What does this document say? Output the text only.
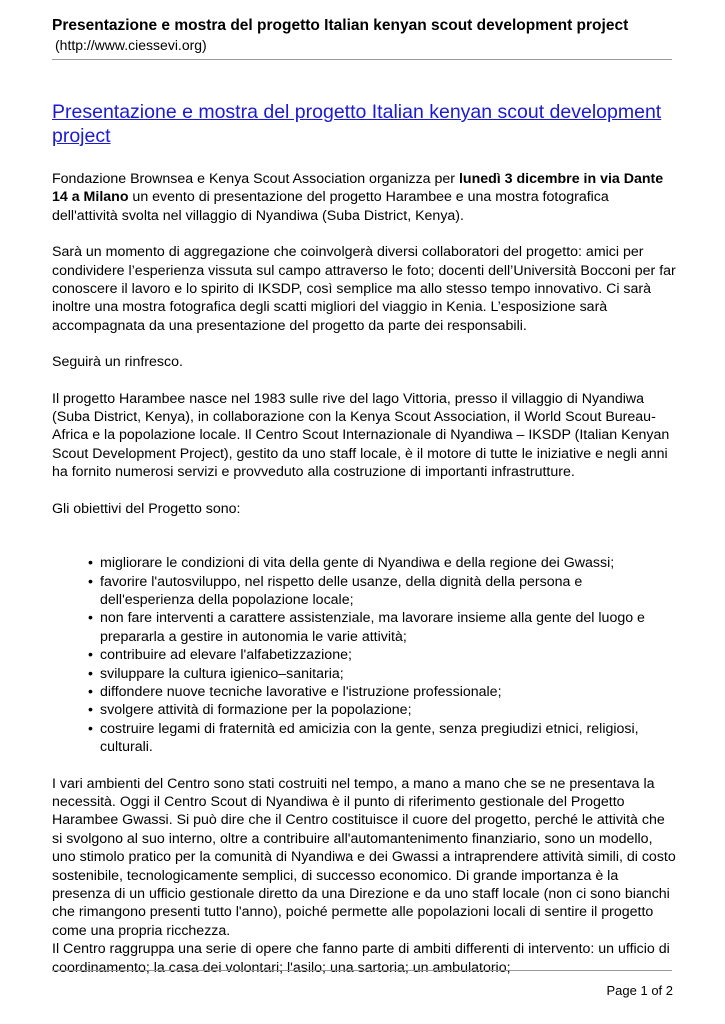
Presentazione e mostra del progetto Italian kenyan scout development project

(http://www.ciessevi.org)

Presentazione e mostra del progetto Italian kenyan scout development project

Fondazione Brownsea e Kenya Scout Association organizza per lunedì 3 dicembre in via Dante 14 a Milano un evento di presentazione del progetto Harambee e una mostra fotografica dell'attività svolta nel villaggio di Nyandiwa (Suba District, Kenya).

Sarà un momento di aggregazione che coinvolgerà diversi collaboratori del progetto: amici per condividere l’esperienza vissuta sul campo attraverso le foto; docenti dell’Università Bocconi per far conoscere il lavoro e lo spirito di IKSDP, così semplice ma allo stesso tempo innovativo. Ci sarà inoltre una mostra fotografica degli scatti migliori del viaggio in Kenia. L’esposizione sarà accompagnata da una presentazione del progetto da parte dei responsabili.

Seguirà un rinfresco.

Il progetto Harambee nasce nel 1983 sulle rive del lago Vittoria, presso il villaggio di Nyandiwa (Suba District, Kenya), in collaborazione con la Kenya Scout Association, il World Scout Bureau-Africa e la popolazione locale. Il Centro Scout Internazionale di Nyandiwa – IKSDP (Italian Kenyan Scout Development Project), gestito da uno staff locale, è il motore di tutte le iniziative e negli anni ha fornito numerosi servizi e provveduto alla costruzione di importanti infrastrutture.

Gli obiettivi del Progetto sono:

• migliorare le condizioni di vita della gente di Nyandiwa e della regione dei Gwassi;
• favorire l'autosviluppo, nel rispetto delle usanze, della dignità della persona e dell'esperienza della popolazione locale;
• non fare interventi a carattere assistenziale, ma lavorare insieme alla gente del luogo e prepararla a gestire in autonomia le varie attività;
• contribuire ad elevare l'alfabetizzazione;
• sviluppare la cultura igienico–sanitaria;
• diffondere nuove tecniche lavorative e l'istruzione professionale;
• svolgere attività di formazione per la popolazione;
• costruire legami di fraternità ed amicizia con la gente, senza pregiudizi etnici, religiosi, culturali.

I vari ambienti del Centro sono stati costruiti nel tempo, a mano a mano che se ne presentava la necessità. Oggi il Centro Scout di Nyandiwa è il punto di riferimento gestionale del Progetto Harambee Gwassi. Si può dire che il Centro costituisce il cuore del progetto, perché le attività che si svolgono al suo interno, oltre a contribuire all'automantenimento finanziario, sono un modello, uno stimolo pratico per la comunità di Nyandiwa e dei Gwassi a intraprendere attività simili, di costo sostenibile, tecnologicamente semplici, di successo economico. Di grande importanza è la presenza di un ufficio gestionale diretto da una Direzione e da uno staff locale (non ci sono bianchi che rimangono presenti tutto l'anno), poiché permette alle popolazioni locali di sentire il progetto come una propria ricchezza.

Il Centro raggruppa una serie di opere che fanno parte di ambiti differenti di intervento: un ufficio di coordinamento; la casa dei volontari; l'asilo; una sartoria; un ambulatorio;

Page 1 of 2
